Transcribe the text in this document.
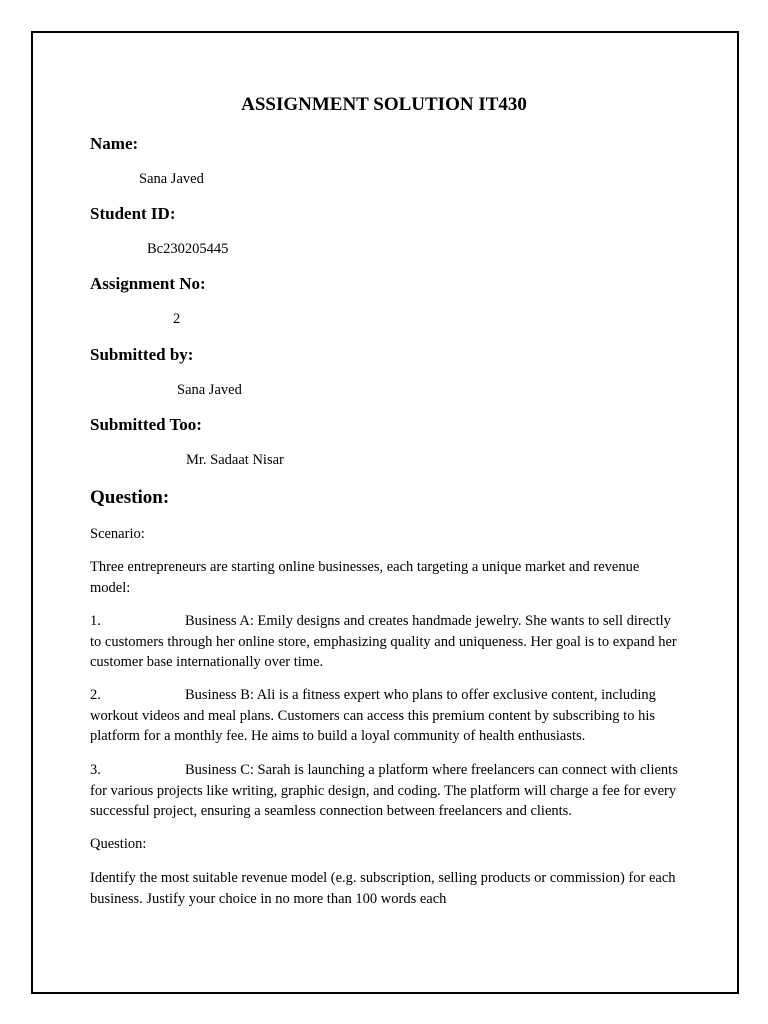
ASSIGNMENT SOLUTION IT430
Name:
Sana Javed
Student ID:
Bc230205445
Assignment No:
2
Submitted by:
Sana Javed
Submitted Too:
Mr. Sadaat Nisar
Question:

Scenario:

Three entrepreneurs are starting online businesses, each targeting a unique market and revenue model:

1.	Business A: Emily designs and creates handmade jewelry. She wants to sell directly to customers through her online store, emphasizing quality and uniqueness. Her goal is to expand her customer base internationally over time.

2.	Business B: Ali is a fitness expert who plans to offer exclusive content, including workout videos and meal plans. Customers can access this premium content by subscribing to his platform for a monthly fee. He aims to build a loyal community of health enthusiasts.

3.	Business C: Sarah is launching a platform where freelancers can connect with clients for various projects like writing, graphic design, and coding. The platform will charge a fee for every successful project, ensuring a seamless connection between freelancers and clients.

Question:

Identify the most suitable revenue model (e.g. subscription, selling products or commission) for each business. Justify your choice in no more than 100 words each
